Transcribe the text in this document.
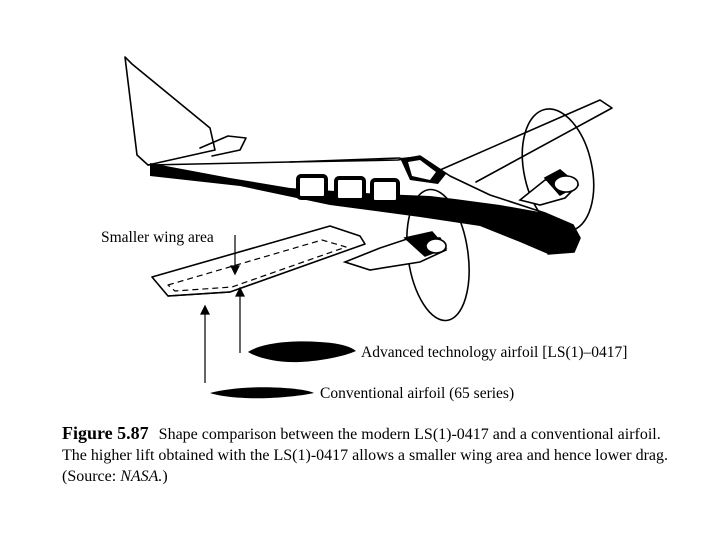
Smaller wing area
Advanced technology airfoil [LS(1)–0417]
Conventional airfoil (65 series)
Figure 5.87 Shape comparison between the modern LS(1)-0417 and a conventional airfoil. The higher lift obtained with the LS(1)-0417 allows a smaller wing area and hence lower drag. (Source: NASA.)
